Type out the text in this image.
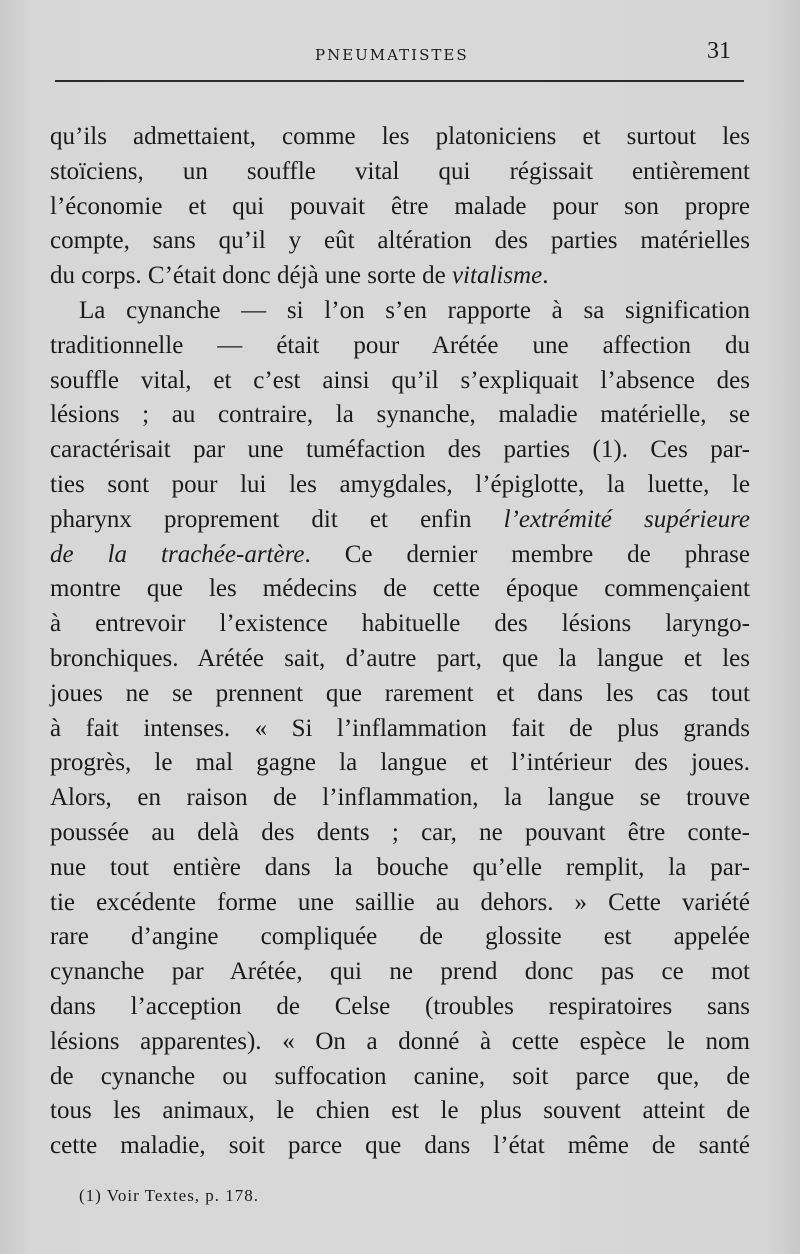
PNEUMATISTES	31
qu’ils admettaient, comme les platoniciens et surtout les
stoïciens, un souffle vital qui régissait entièrement
l’économie et qui pouvait être malade pour son propre
compte, sans qu’il y eût altération des parties matérielles
du corps. C’était donc déjà une sorte de vitalisme.
La cynanche — si l’on s’en rapporte à sa signification
traditionnelle — était pour Arétée une affection du
souffle vital, et c’est ainsi qu’il s’expliquait l’absence des
lésions ; au contraire, la synanche, maladie matérielle, se
caractérisait par une tuméfaction des parties (1). Ces par-
ties sont pour lui les amygdales, l’épiglotte, la luette, le
pharynx proprement dit et enfin l’extrémité supérieure
de la trachée-artère. Ce dernier membre de phrase
montre que les médecins de cette époque commençaient
à entrevoir l’existence habituelle des lésions laryngo-
bronchiques. Arétée sait, d’autre part, que la langue et les
joues ne se prennent que rarement et dans les cas tout
à fait intenses. « Si l’inflammation fait de plus grands
progrès, le mal gagne la langue et l’intérieur des joues.
Alors, en raison de l’inflammation, la langue se trouve
poussée au delà des dents ; car, ne pouvant être conte-
nue tout entière dans la bouche qu’elle remplit, la par-
tie excédente forme une saillie au dehors. » Cette variété
rare d’angine compliquée de glossite est appelée
cynanche par Arétée, qui ne prend donc pas ce mot
dans l’acception de Celse (troubles respiratoires sans
lésions apparentes). « On a donné à cette espèce le nom
de cynanche ou suffocation canine, soit parce que, de
tous les animaux, le chien est le plus souvent atteint de
cette maladie, soit parce que dans l’état même de santé
(1) Voir Textes, p. 178.
